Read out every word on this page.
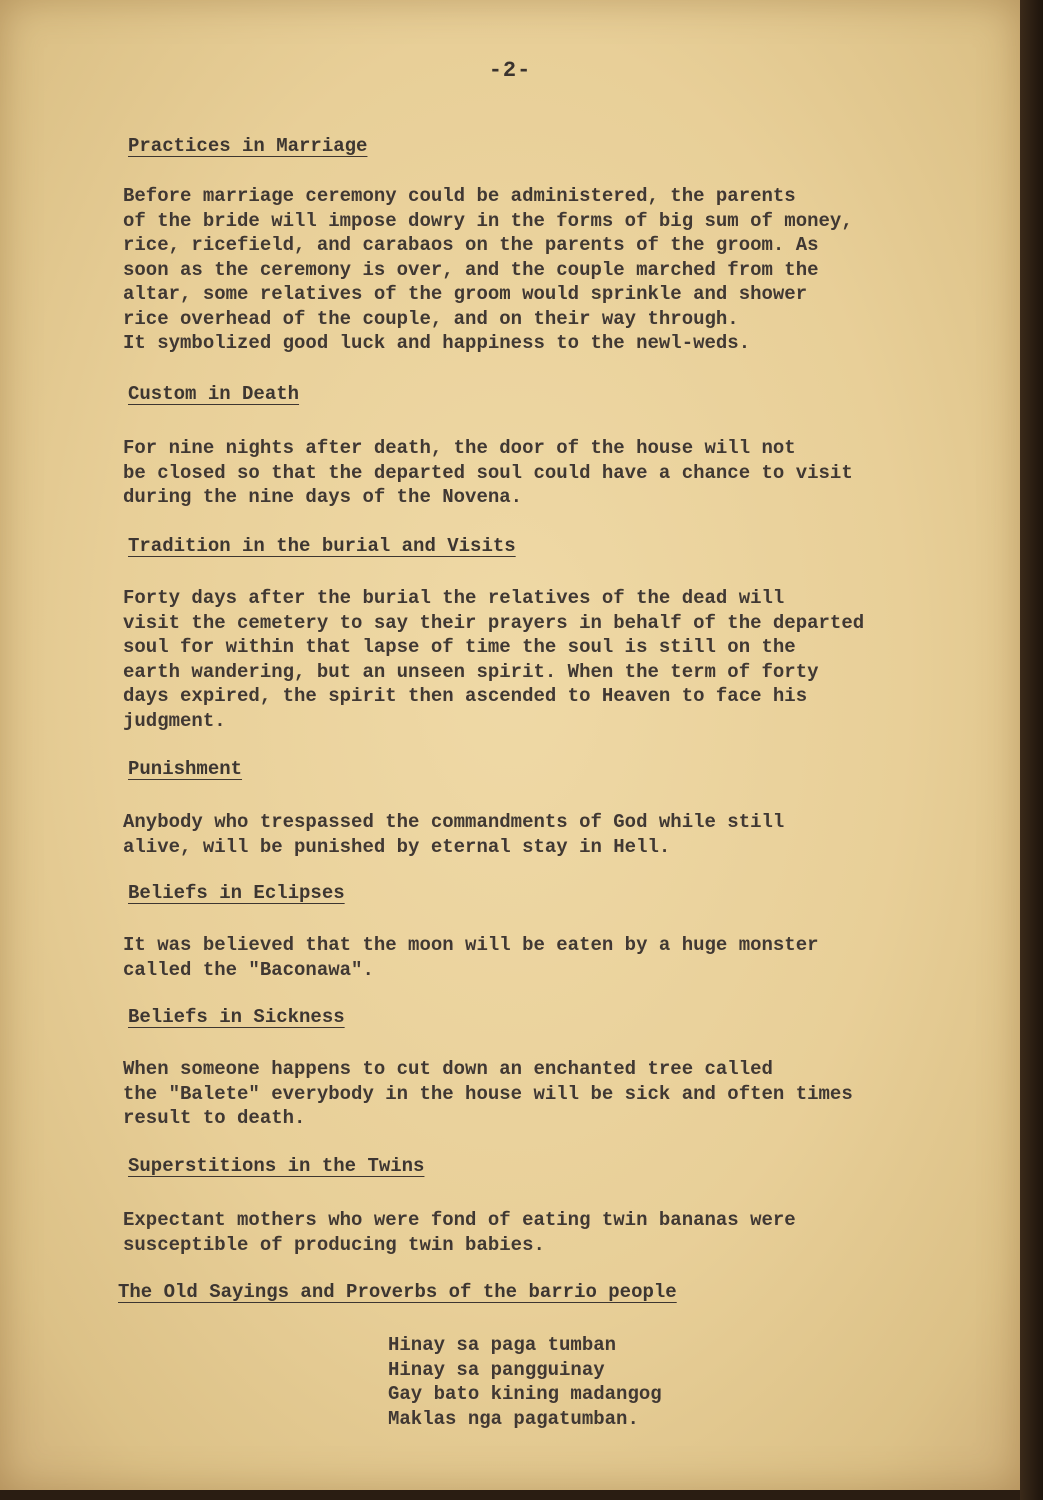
-2-
Practices in Marriage
Before marriage ceremony could be administered, the parents
of the bride will impose dowry in the forms of big sum of money,
rice, ricefield, and carabaos on the parents of the groom. As
soon as the ceremony is over, and the couple marched from the
altar, some relatives of the groom would sprinkle and shower
rice overhead of the couple, and on their way through.
It symbolized good luck and happiness to the newl-weds.
Custom in Death
For nine nights after death, the door of the house will not
be closed so that the departed soul could have a chance to visit
during the nine days of the Novena.
Tradition in the burial and Visits
Forty days after the burial the relatives of the dead will
visit the cemetery to say their prayers in behalf of the departed
soul for within that lapse of time the soul is still on the
earth wandering, but an unseen spirit. When the term of forty
days expired, the spirit then ascended to Heaven to face his
judgment.
Punishment
Anybody who trespassed the commandments of God while still
alive, will be punished by eternal stay in Hell.
Beliefs in Eclipses
It was believed that the moon will be eaten by a huge monster
called the "Baconawa".
Beliefs in Sickness
When someone happens to cut down an enchanted tree called
the "Balete" everybody in the house will be sick and often times
result to death.
Superstitions in the Twins
Expectant mothers who were fond of eating twin bananas were
susceptible of producing twin babies.
The Old Sayings and Proverbs of the barrio people
Hinay sa paga tumban
Hinay sa pangguinay
Gay bato kining madangog
Maklas nga pagatumban.
